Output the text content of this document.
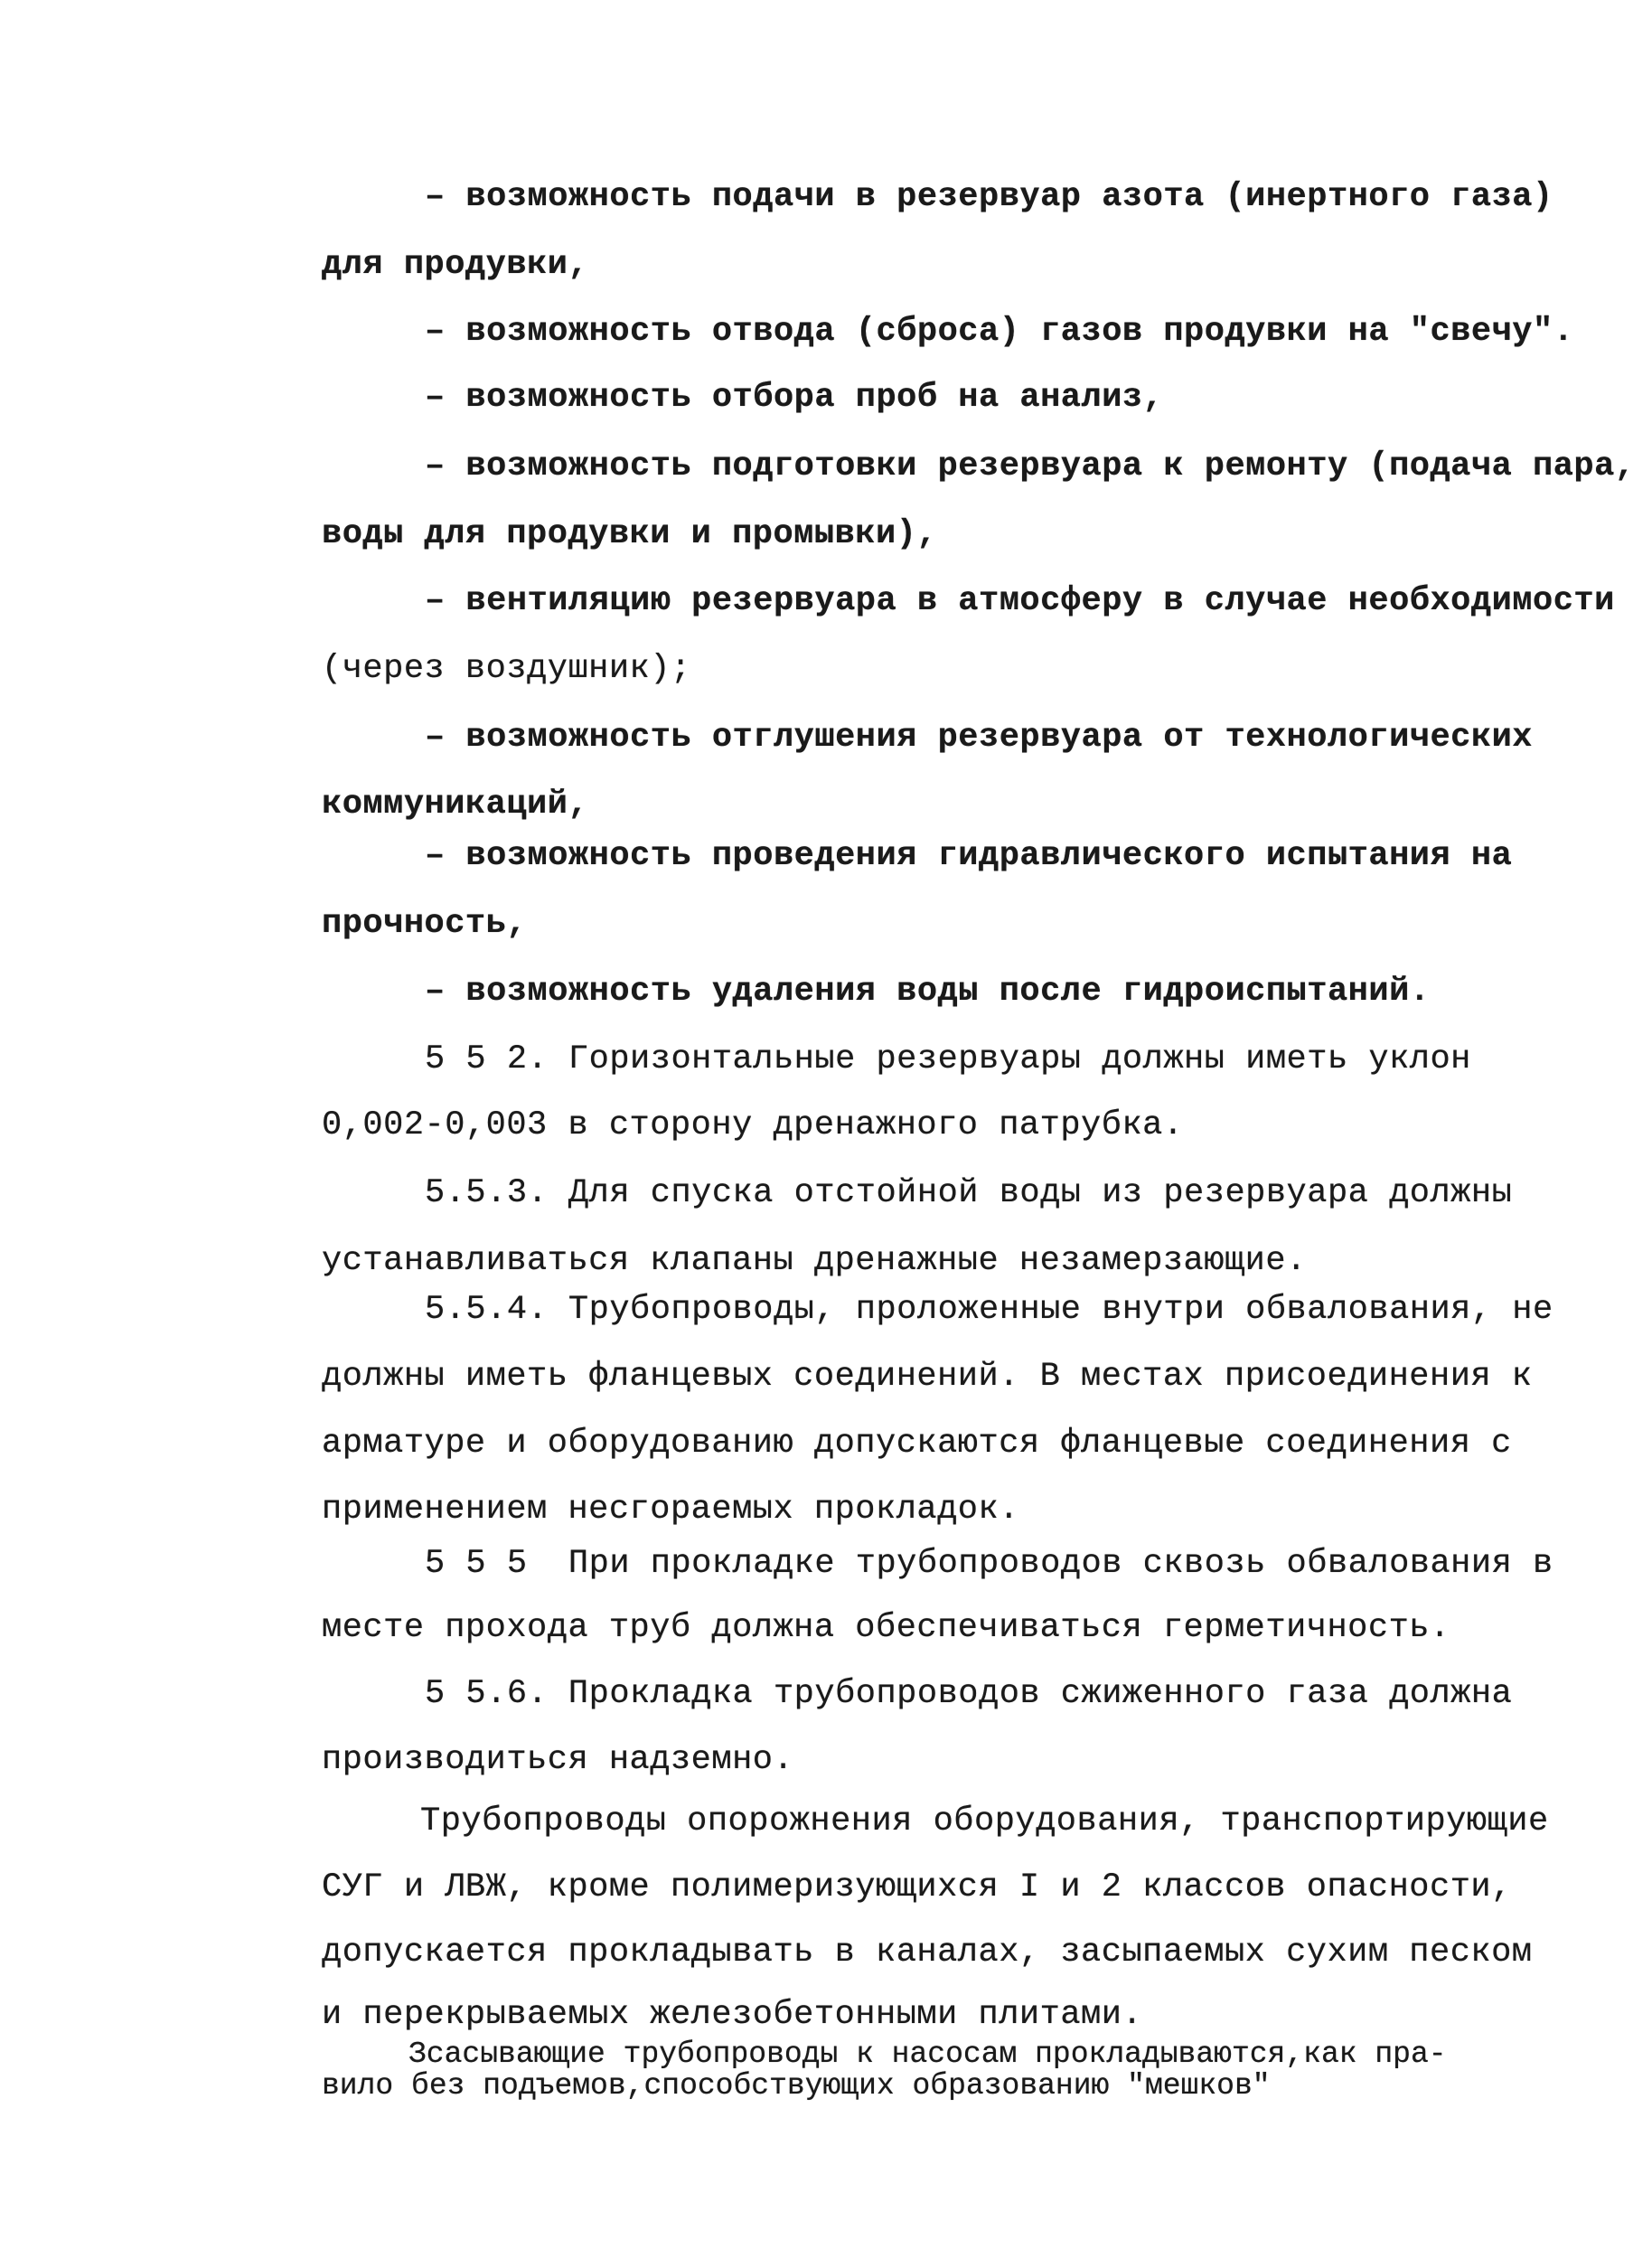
– возможность подачи в резервуар азота (инертного газа)
для продувки,
– возможность отвода (сброса) газов продувки на "свечу".
– возможность отбора проб на анализ,
– возможность подготовки резервуара к ремонту (подача пара,
воды для продувки и промывки),
– вентиляцию резервуара в атмосферу в случае необходимости
(через воздушник);
– возможность отглушения резервуара от технологических
коммуникаций,
– возможность проведения гидравлического испытания на
прочность,
– возможность удаления воды после гидроиспытаний.
5 5 2. Горизонтальные резервуары должны иметь уклон
0,002-0,003 в сторону дренажного патрубка.
5.5.3. Для спуска отстойной воды из резервуара должны
устанавливаться клапаны дренажные незамерзающие.
5.5.4. Трубопроводы, проложенные внутри обвалования, не
должны иметь фланцевых соединений. В местах присоединения к
арматуре и оборудованию допускаются фланцевые соединения с
применением несгораемых прокладок.
5 5 5  При прокладке трубопроводов сквозь обвалования в
месте прохода труб должна обеспечиваться герметичность.
5 5.6. Прокладка трубопроводов сжиженного газа должна
производиться надземно.
Трубопроводы опорожнения оборудования, транспортирующие
СУГ и ЛВЖ, кроме полимеризующихся I и 2 классов опасности,
допускается прокладывать в каналах, засыпаемых сухим песком
и перекрываемых железобетонными плитами.
Зсасывающие трубопроводы к насосам прокладываются,как пра-
вило без подъемов,способствующих образованию "мешков"
